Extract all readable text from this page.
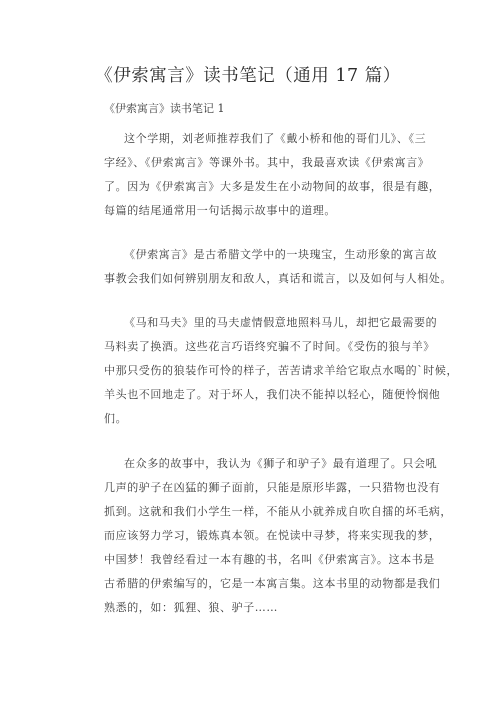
《伊索寓言》读书笔记（通用 17 篇）
《伊索寓言》读书笔记 1
这个学期，刘老师推荐我们了《戴小桥和他的哥们儿》、《三
字经》、《伊索寓言》等课外书。其中，我最喜欢读《伊索寓言》
了。因为《伊索寓言》大多是发生在小动物间的故事，很是有趣，
每篇的结尾通常用一句话揭示故事中的道理。
《伊索寓言》是古希腊文学中的一块瑰宝，生动形象的寓言故
事教会我们如何辨别朋友和敌人，真话和谎言，以及如何与人相处。
《马和马夫》里的马夫虚情假意地照料马儿，却把它最需要的
马料卖了换酒。这些花言巧语终究骗不了时间。《受伤的狼与羊》
中那只受伤的狼装作可怜的样子，苦苦请求羊给它取点水喝的`时候，
羊头也不回地走了。对于坏人，我们决不能掉以轻心，随便怜悯他
们。
在众多的故事中，我认为《狮子和驴子》最有道理了。只会吼
几声的驴子在凶猛的狮子面前，只能是原形毕露，一只猎物也没有
抓到。这就和我们小学生一样，不能从小就养成自吹自擂的坏毛病，
而应该努力学习，锻炼真本领。在悦读中寻梦，将来实现我的梦，
中国梦！我曾经看过一本有趣的书，名叫《伊索寓言》。这本书是
古希腊的伊索编写的，它是一本寓言集。这本书里的动物都是我们
熟悉的，如：狐狸、狼、驴子……
